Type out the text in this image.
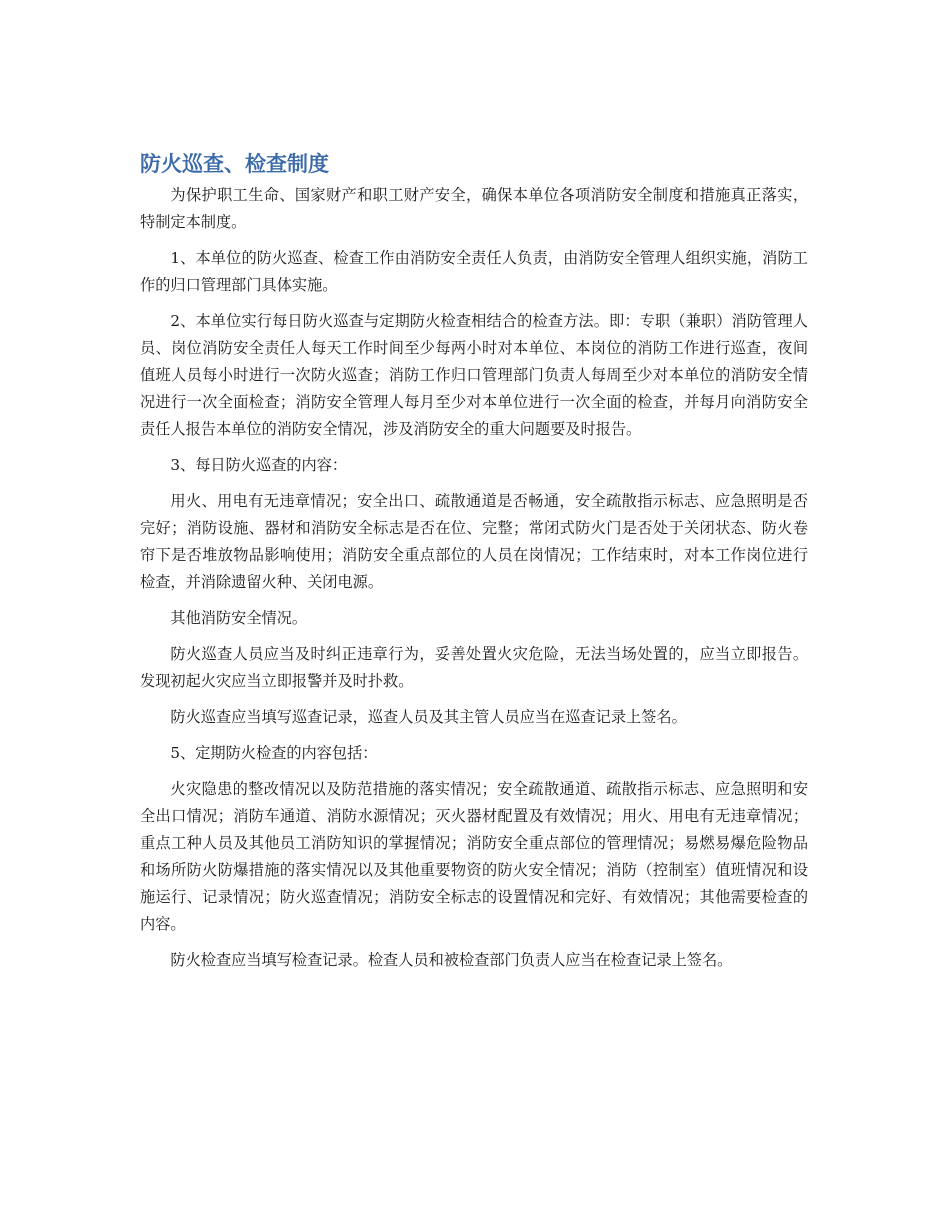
防火巡查、检查制度

为保护职工生命、国家财产和职工财产安全，确保本单位各项消防安全制度和措施真正落实，特制定本制度。

1、本单位的防火巡查、检查工作由消防安全责任人负责，由消防安全管理人组织实施，消防工作的归口管理部门具体实施。

2、本单位实行每日防火巡查与定期防火检查相结合的检查方法。即：专职（兼职）消防管理人员、岗位消防安全责任人每天工作时间至少每两小时对本单位、本岗位的消防工作进行巡查，夜间值班人员每小时进行一次防火巡查；消防工作归口管理部门负责人每周至少对本单位的消防安全情况进行一次全面检查；消防安全管理人每月至少对本单位进行一次全面的检查，并每月向消防安全责任人报告本单位的消防安全情况，涉及消防安全的重大问题要及时报告。

3、每日防火巡查的内容：

用火、用电有无违章情况；安全出口、疏散通道是否畅通，安全疏散指示标志、应急照明是否完好；消防设施、器材和消防安全标志是否在位、完整；常闭式防火门是否处于关闭状态、防火卷帘下是否堆放物品影响使用；消防安全重点部位的人员在岗情况；工作结束时，对本工作岗位进行检查，并消除遗留火种、关闭电源。

其他消防安全情况。

防火巡查人员应当及时纠正违章行为，妥善处置火灾危险，无法当场处置的，应当立即报告。发现初起火灾应当立即报警并及时扑救。

防火巡查应当填写巡查记录，巡查人员及其主管人员应当在巡查记录上签名。

5、定期防火检查的内容包括：

火灾隐患的整改情况以及防范措施的落实情况；安全疏散通道、疏散指示标志、应急照明和安全出口情况；消防车通道、消防水源情况；灭火器材配置及有效情况；用火、用电有无违章情况；重点工种人员及其他员工消防知识的掌握情况；消防安全重点部位的管理情况；易燃易爆危险物品和场所防火防爆措施的落实情况以及其他重要物资的防火安全情况；消防（控制室）值班情况和设施运行、记录情况；防火巡查情况；消防安全标志的设置情况和完好、有效情况；其他需要检查的内容。

防火检查应当填写检查记录。检查人员和被检查部门负责人应当在检查记录上签名。
